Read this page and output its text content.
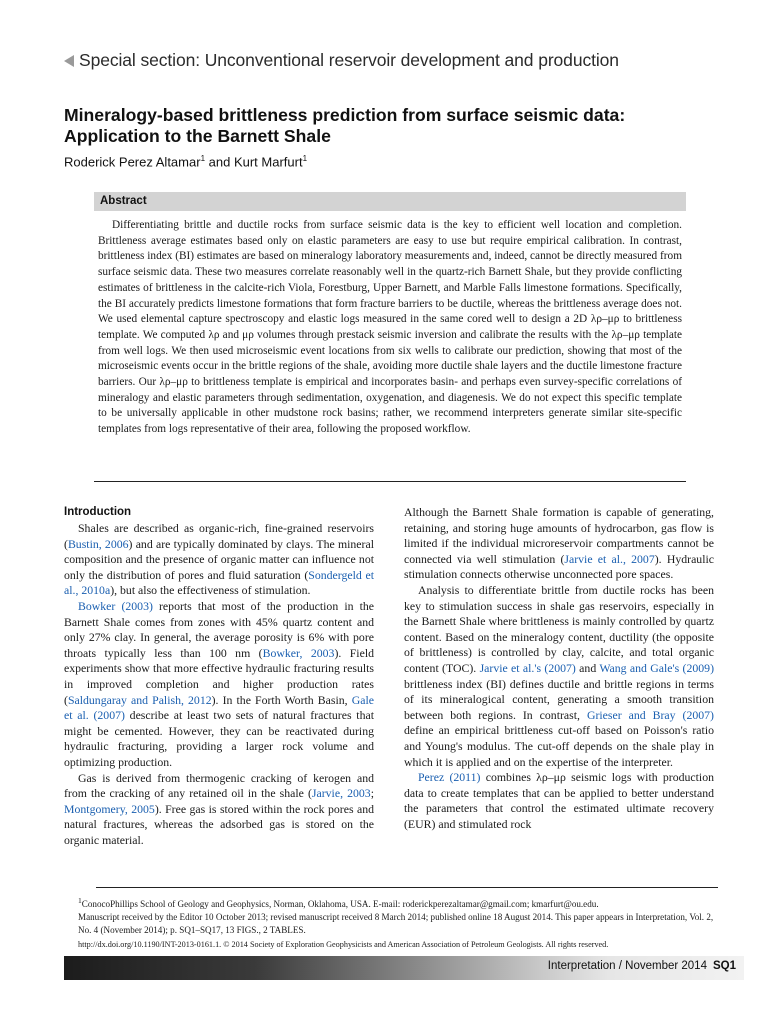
Special section: Unconventional reservoir development and production
Mineralogy-based brittleness prediction from surface seismic data: Application to the Barnett Shale
Roderick Perez Altamar$^1$ and Kurt Marfurt$^1$
Abstract

Differentiating brittle and ductile rocks from surface seismic data is the key to efficient well location and completion. Brittleness average estimates based only on elastic parameters are easy to use but require empirical calibration. In contrast, brittleness index (BI) estimates are based on mineralogy laboratory measurements and, indeed, cannot be directly measured from surface seismic data. These two measures correlate reasonably well in the quartz-rich Barnett Shale, but they provide conflicting estimates of brittleness in the calcite-rich Viola, Forestburg, Upper Barnett, and Marble Falls limestone formations. Specifically, the BI accurately predicts limestone formations that form fracture barriers to be ductile, whereas the brittleness average does not. We used elemental capture spectroscopy and elastic logs measured in the same cored well to design a 2D λρ–μρ to brittleness template. We computed λρ and μρ volumes through prestack seismic inversion and calibrate the results with the λρ–μρ template from well logs. We then used microseismic event locations from six wells to calibrate our prediction, showing that most of the microseismic events occur in the brittle regions of the shale, avoiding more ductile shale layers and the ductile limestone fracture barriers. Our λρ–μρ to brittleness template is empirical and incorporates basin- and perhaps even survey-specific correlations of mineralogy and elastic parameters through sedimentation, oxygenation, and diagenesis. We do not expect this specific template to be universally applicable in other mudstone rock basins; rather, we recommend interpreters generate similar site-specific templates from logs representative of their area, following the proposed workflow.

Introduction

Shales are described as organic-rich, fine-grained reservoirs (Bustin, 2006) and are typically dominated by clays. The mineral composition and the presence of organic matter can influence not only the distribution of pores and fluid saturation (Sondergeld et al., 2010a), but also the effectiveness of stimulation.

Bowker (2003) reports that most of the production in the Barnett Shale comes from zones with 45% quartz content and only 27% clay. In general, the average porosity is 6% with pore throats typically less than 100 nm (Bowker, 2003). Field experiments show that more effective hydraulic fracturing results in improved completion and higher production rates (Saldungaray and Palish, 2012). In the Forth Worth Basin, Gale et al. (2007) describe at least two sets of natural fractures that might be cemented. However, they can be reactivated during hydraulic fracturing, providing a larger rock volume and optimizing production.

Gas is derived from thermogenic cracking of kerogen and from the cracking of any retained oil in the shale (Jarvie, 2003; Montgomery, 2005). Free gas is stored within the rock pores and natural fractures, whereas the adsorbed gas is stored on the organic material.

Although the Barnett Shale formation is capable of generating, retaining, and storing huge amounts of hydrocarbon, gas flow is limited if the individual microreservoir compartments cannot be connected via well stimulation (Jarvie et al., 2007). Hydraulic stimulation connects otherwise unconnected pore spaces.

Analysis to differentiate brittle from ductile rocks has been key to stimulation success in shale gas reservoirs, especially in the Barnett Shale where brittleness is mainly controlled by quartz content. Based on the mineralogy content, ductility (the opposite of brittleness) is controlled by clay, calcite, and total organic content (TOC). Jarvie et al.'s (2007) and Wang and Gale's (2009) brittleness index (BI) defines ductile and brittle regions in terms of its mineralogical content, generating a smooth transition between both regions. In contrast, Grieser and Bray (2007) define an empirical brittleness cut-off based on Poisson's ratio and Young's modulus. The cut-off depends on the shale play in which it is applied and on the expertise of the interpreter.

Perez (2011) combines λρ–μρ seismic logs with production data to create templates that can be applied to better understand the parameters that control the estimated ultimate recovery (EUR) and stimulated rock

$^1$ConocoPhillips School of Geology and Geophysics, Norman, Oklahoma, USA. E-mail: roderickperezaltamar@gmail.com; kmarfurt@ou.edu.
Manuscript received by the Editor 10 October 2013; revised manuscript received 8 March 2014; published online 18 August 2014. This paper appears in Interpretation, Vol. 2, No. 4 (November 2014); p. SQ1–SQ17, 13 FIGS., 2 TABLES.
http://dx.doi.org/10.1190/INT-2013-0161.1. © 2014 Society of Exploration Geophysicists and American Association of Petroleum Geologists. All rights reserved.
Interpretation / November 2014 SQ1
